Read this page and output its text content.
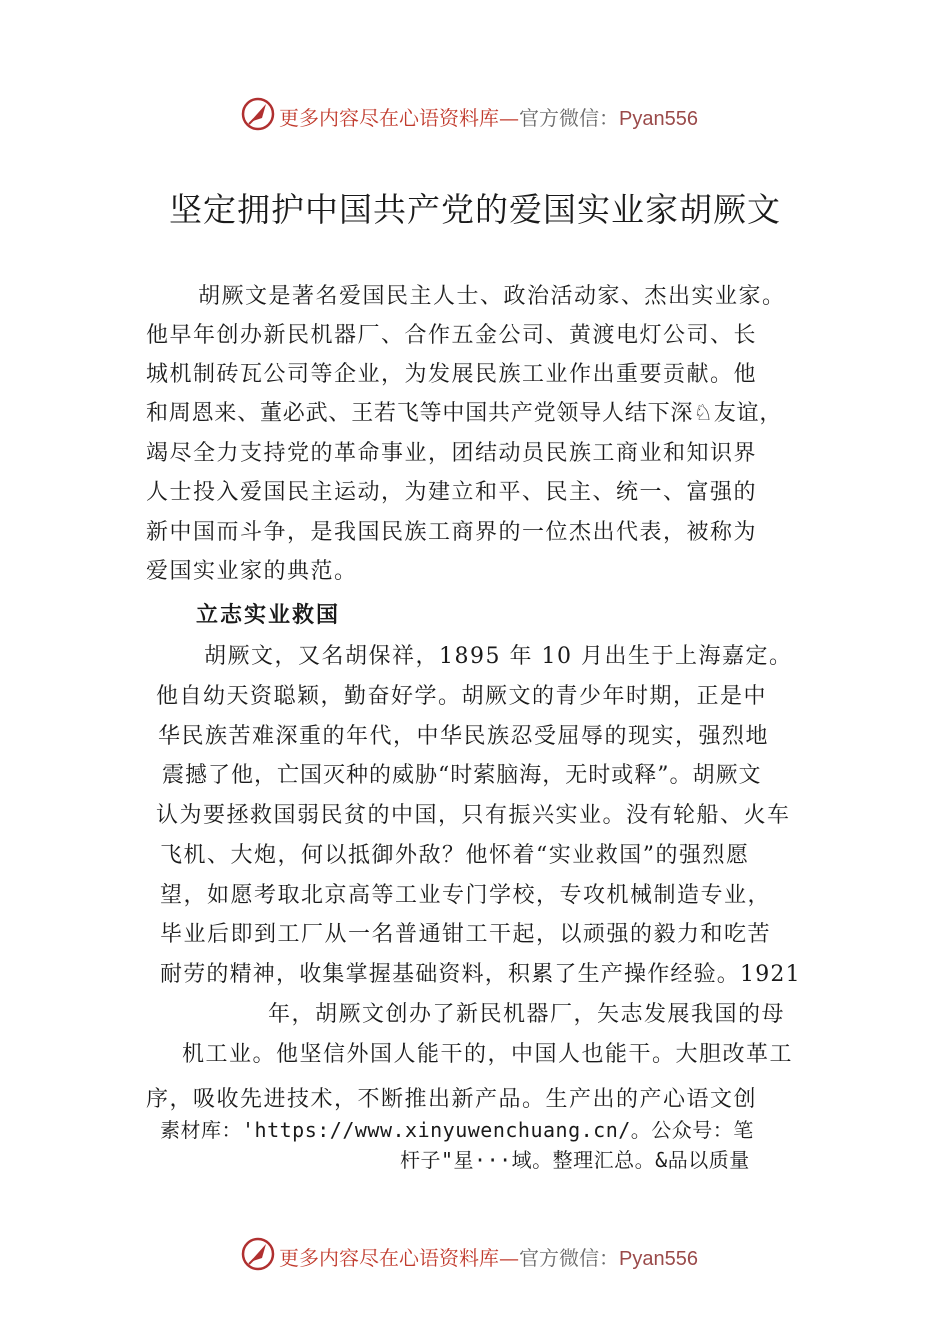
更多内容尽在心语资料库—官方微信：Pyan556
坚定拥护中国共产党的爱国实业家胡厥文
胡厥文是著名爱国民主人士、政治活动家、杰出实业家。
他早年创办新民机器厂、合作五金公司、黄渡电灯公司、长
城机制砖瓦公司等企业，为发展民族工业作出重要贡献。他
和周恩来、董必武、王若飞等中国共产党领导人结下深♘友谊，
竭尽全力支持党的革命事业，团结动员民族工商业和知识界
人士投入爱国民主运动，为建立和平、民主、统一、富强的
新中国而斗争，是我国民族工商界的一位杰出代表，被称为
爱国实业家的典范。
立志实业救国
胡厥文，又名胡保祥，1895 年 10 月出生于上海嘉定。
他自幼天资聪颖，勤奋好学。胡厥文的青少年时期，正是中
华民族苦难深重的年代，中华民族忍受屈辱的现实，强烈地
震撼了他，亡国灭种的威胁“时萦脑海，无时或释”。胡厥文
认为要拯救国弱民贫的中国，只有振兴实业。没有轮船、火车
飞机、大炮，何以抵御外敌？他怀着“实业救国”的强烈愿
望，如愿考取北京高等工业专门学校，专攻机械制造专业，
毕业后即到工厂从一名普通钳工干起，以顽强的毅力和吃苦
耐劳的精神，收集掌握基础资料，积累了生产操作经验。1921
年，胡厥文创办了新民机器厂，矢志发展我国的母
机工业。他坚信外国人能干的，中国人也能干。大胆改革工
序，吸收先进技术，不断推出新产品。生产出的产心语文创
素材库：'https://www.xinyuwenchuang.cn/。公众号：笔
杆子"星···域。整理汇总。&品以质量
更多内容尽在心语资料库—官方微信：Pyan556
